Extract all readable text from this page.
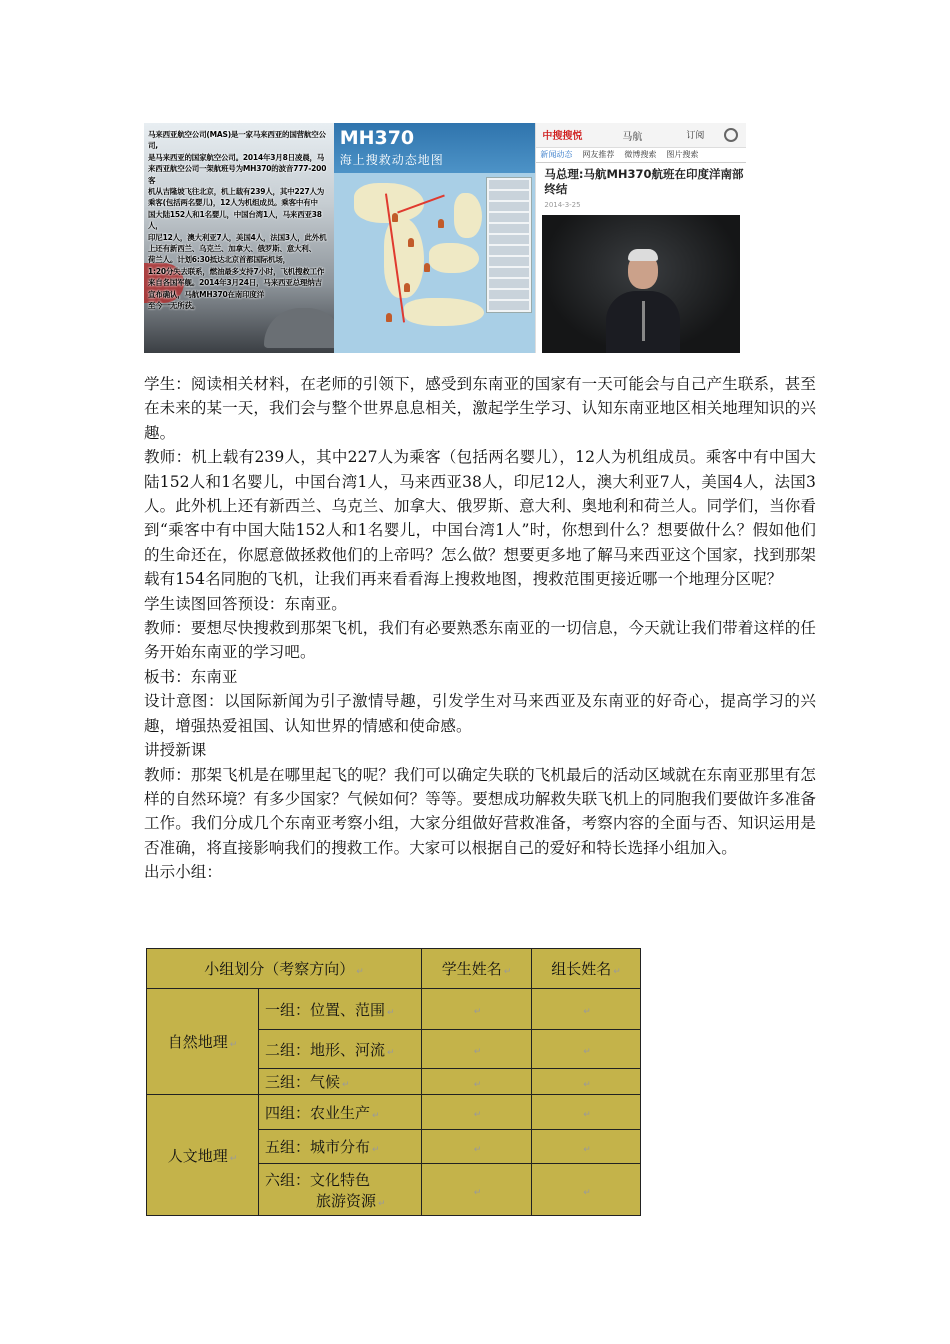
马来西亚航空公司(MAS)是一家马来西亚的国营航空公司,
是马来西亚的国家航空公司。2014年3月8日凌晨，马
来西亚航空公司一架航班号为MH370的波音777-200客
机从吉隆坡飞往北京，机上载有239人，其中227人为
乘客(包括两名婴儿)，12人为机组成员。乘客中有中
国大陆152人和1名婴儿，中国台湾1人，马来西亚38人，
印尼12人，澳大利亚7人，美国4人，法国3人，此外机
上还有新西兰、乌克兰、加拿大、俄罗斯、意大利、
荷兰人。计划6:30抵达北京首都国际机场，
1:20分失去联系，燃油最多支持7小时，飞机搜救工作
来自各国军舰。2014年3月24日，马来西亚总理纳吉
宣布确认，马航MH370在南印度洋
至今一无所获。
MH370
海上搜救动态地图
中搜搜悦	马航	订阅
新闻动态 网友推荐 微博搜索 图片搜索
马总理:马航MH370航班在印度洋南部终结
2014-3-25

学生：阅读相关材料，在老师的引领下，感受到东南亚的国家有一天可能会与自己产生联系，甚至在未来的某一天，我们会与整个世界息息相关，激起学生学习、认知东南亚地区相关地理知识的兴趣。

教师：机上载有239人，其中227人为乘客（包括两名婴儿），12人为机组成员。乘客中有中国大陆152人和1名婴儿，中国台湾1人，马来西亚38人，印尼12人，澳大利亚7人，美国4人，法国3人。此外机上还有新西兰、乌克兰、加拿大、俄罗斯、意大利、奥地利和荷兰人。同学们，当你看到“乘客中有中国大陆152人和1名婴儿，中国台湾1人”时，你想到什么？想要做什么？假如他们的生命还在，你愿意做拯救他们的上帝吗？怎么做？想要更多地了解马来西亚这个国家，找到那架载有154名同胞的飞机，让我们再来看看海上搜救地图，搜救范围更接近哪一个地理分区呢？

学生读图回答预设：东南亚。

教师：要想尽快搜救到那架飞机，我们有必要熟悉东南亚的一切信息，今天就让我们带着这样的任务开始东南亚的学习吧。

板书：东南亚

设计意图：以国际新闻为引子激情导趣，引发学生对马来西亚及东南亚的好奇心，提高学习的兴趣，增强热爱祖国、认知世界的情感和使命感。

讲授新课

教师：那架飞机是在哪里起飞的呢？我们可以确定失联的飞机最后的活动区域就在东南亚那里有怎样的自然环境？有多少国家？气候如何？等等。要想成功解救失联飞机上的同胞我们要做许多准备工作。我们分成几个东南亚考察小组，大家分组做好营救准备，考察内容的全面与否、知识运用是否准确，将直接影响我们的搜救工作。大家可以根据自己的爱好和特长选择小组加入。

出示小组：

小组划分（考察方向） ↵		学生姓名 ↵	组长姓名 ↵
自然地理 ↵	一组：位置、范围 ↵	↵	↵
	二组：地形、河流 ↵	↵	↵
	三组：气候 ↵	↵	↵
人文地理 ↵	四组：农业生产 ↵	↵	↵
	五组：城市分布 ↵	↵	↵

	六组：文化特色
旅游资源 ↵	↵	↵
